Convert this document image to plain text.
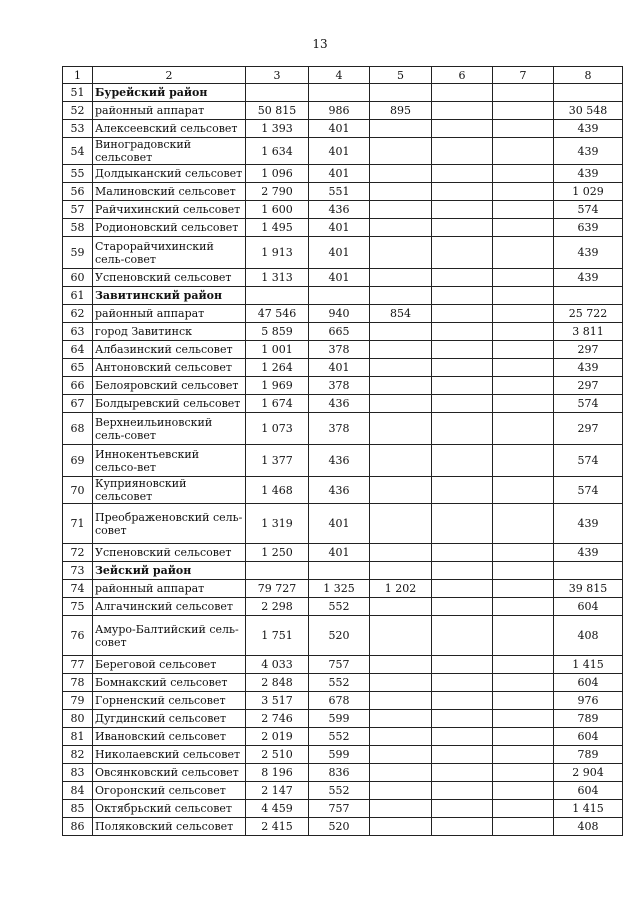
13
1	2	3	4	5	6	7	8
51	Бурейский район						
52	районный аппарат	50 815	986	895			30 548
53	Алексеевский сельсовет	1 393	401				439
54	Виноградовский сельсовет	1 634	401				439
55	Долдыканский сельсовет	1 096	401				439
56	Малиновский сельсовет	2 790	551				1 029
57	Райчихинский сельсовет	1 600	436				574
58	Родионовский сельсовет	1 495	401				639
59	Старорайчихинский сель-совет	1 913	401				439
60	Успеновский сельсовет	1 313	401				439
61	Завитинский район						
62	районный аппарат	47 546	940	854			25 722
63	город Завитинск	5 859	665				3 811
64	Албазинский сельсовет	1 001	378				297
65	Антоновский сельсовет	1 264	401				439
66	Белояровский сельсовет	1 969	378				297
67	Болдыревский сельсовет	1 674	436				574
68	Верхнеильиновский сель-совет	1 073	378				297
69	Иннокентьевский сельсо-вет	1 377	436				574
70	Куприяновский сельсовет	1 468	436				574
71	Преображеновский сель-совет	1 319	401				439
72	Успеновский сельсовет	1 250	401				439
73	Зейский район						
74	районный аппарат	79 727	1 325	1 202			39 815
75	Алгачинский сельсовет	2 298	552				604
76	Амуро-Балтийский сель-совет	1 751	520				408
77	Береговой сельсовет	4 033	757				1 415
78	Бомнакский сельсовет	2 848	552				604
79	Горненский сельсовет	3 517	678				976
80	Дугдинский сельсовет	2 746	599				789
81	Ивановский сельсовет	2 019	552				604
82	Николаевский сельсовет	2 510	599				789
83	Овсянковский сельсовет	8 196	836				2 904
84	Огоронский сельсовет	2 147	552				604
85	Октябрьский сельсовет	4 459	757				1 415
86	Поляковский сельсовет	2 415	520				408
